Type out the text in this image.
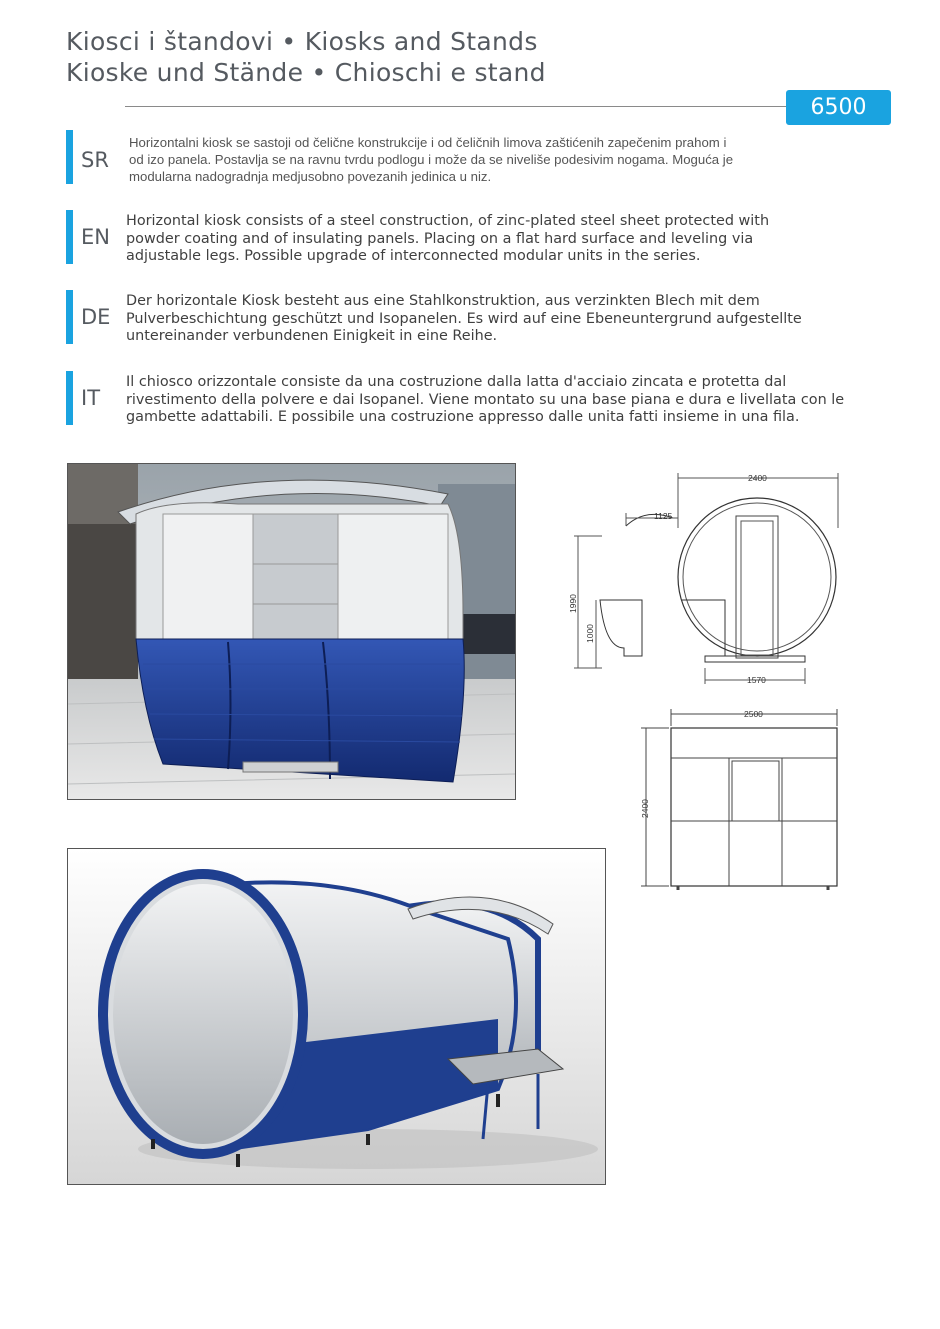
Kiosci i štandovi • Kiosks and Stands
Kioske und Stände • Chioschi e stand
6500
SR
Horizontalni kiosk se sastoji od čelične konstrukcije i od čeličnih limova zaštićenih zapečenim prahom i
od izo panela. Postavlja se na ravnu tvrdu podlogu i može da se niveliše podesivim nogama. Moguća je
modularna nadogradnja medjusobno povezanih jedinica u niz.
EN
Horizontal kiosk consists of a steel construction, of zinc-plated steel sheet protected with
powder coating and of insulating panels. Placing on a flat hard surface and leveling via
adjustable legs. Possible upgrade of interconnected modular units in the series.
DE
Der horizontale Kiosk besteht aus eine Stahlkonstruktion, aus verzinkten Blech mit dem
Pulverbeschichtung geschützt und Isopanelen. Es wird auf eine Ebeneuntergrund aufgestellte
untereinander verbundenen Einigkeit in eine Reihe.
IT
Il chiosco orizzontale consiste da una costruzione dalla latta d'acciaio zincata e protetta dal
rivestimento della polvere e dai Isopanel. Viene montato su una base piana e dura e livellata con le
gambette adattabili. E possibile una costruzione appresso dalle unita fatti insieme in una fila.
2400
1125
1990
1000
1570
2500
2400
